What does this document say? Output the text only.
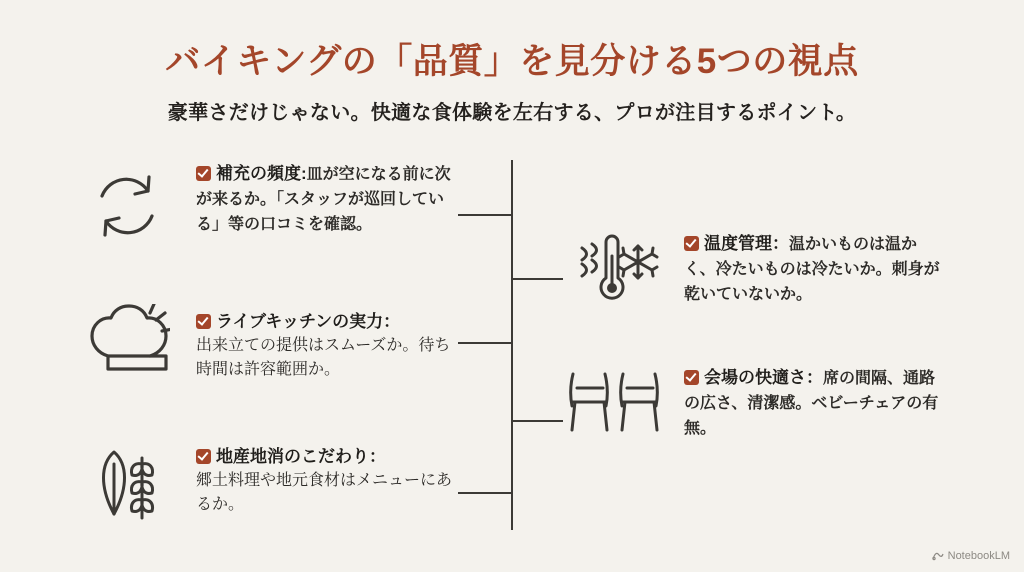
バイキングの「品質」を見分ける5つの視点
豪華さだけじゃない。快適な食体験を左右する、プロが注目するポイント。
補充の頻度:皿が空になる前に次が来るか。「スタッフが巡回している」等の口コミを確認。
ライブキッチンの実力：
出来立ての提供はスムーズか。待ち時間は許容範囲か。
地産地消のこだわり：
郷土料理や地元食材はメニューにあるか。
温度管理：温かいものは温かく、冷たいものは冷たいか。刺身が乾いていないか。
会場の快適さ：席の間隔、通路の広さ、清潔感。ベビーチェアの有無。
NotebookLM
